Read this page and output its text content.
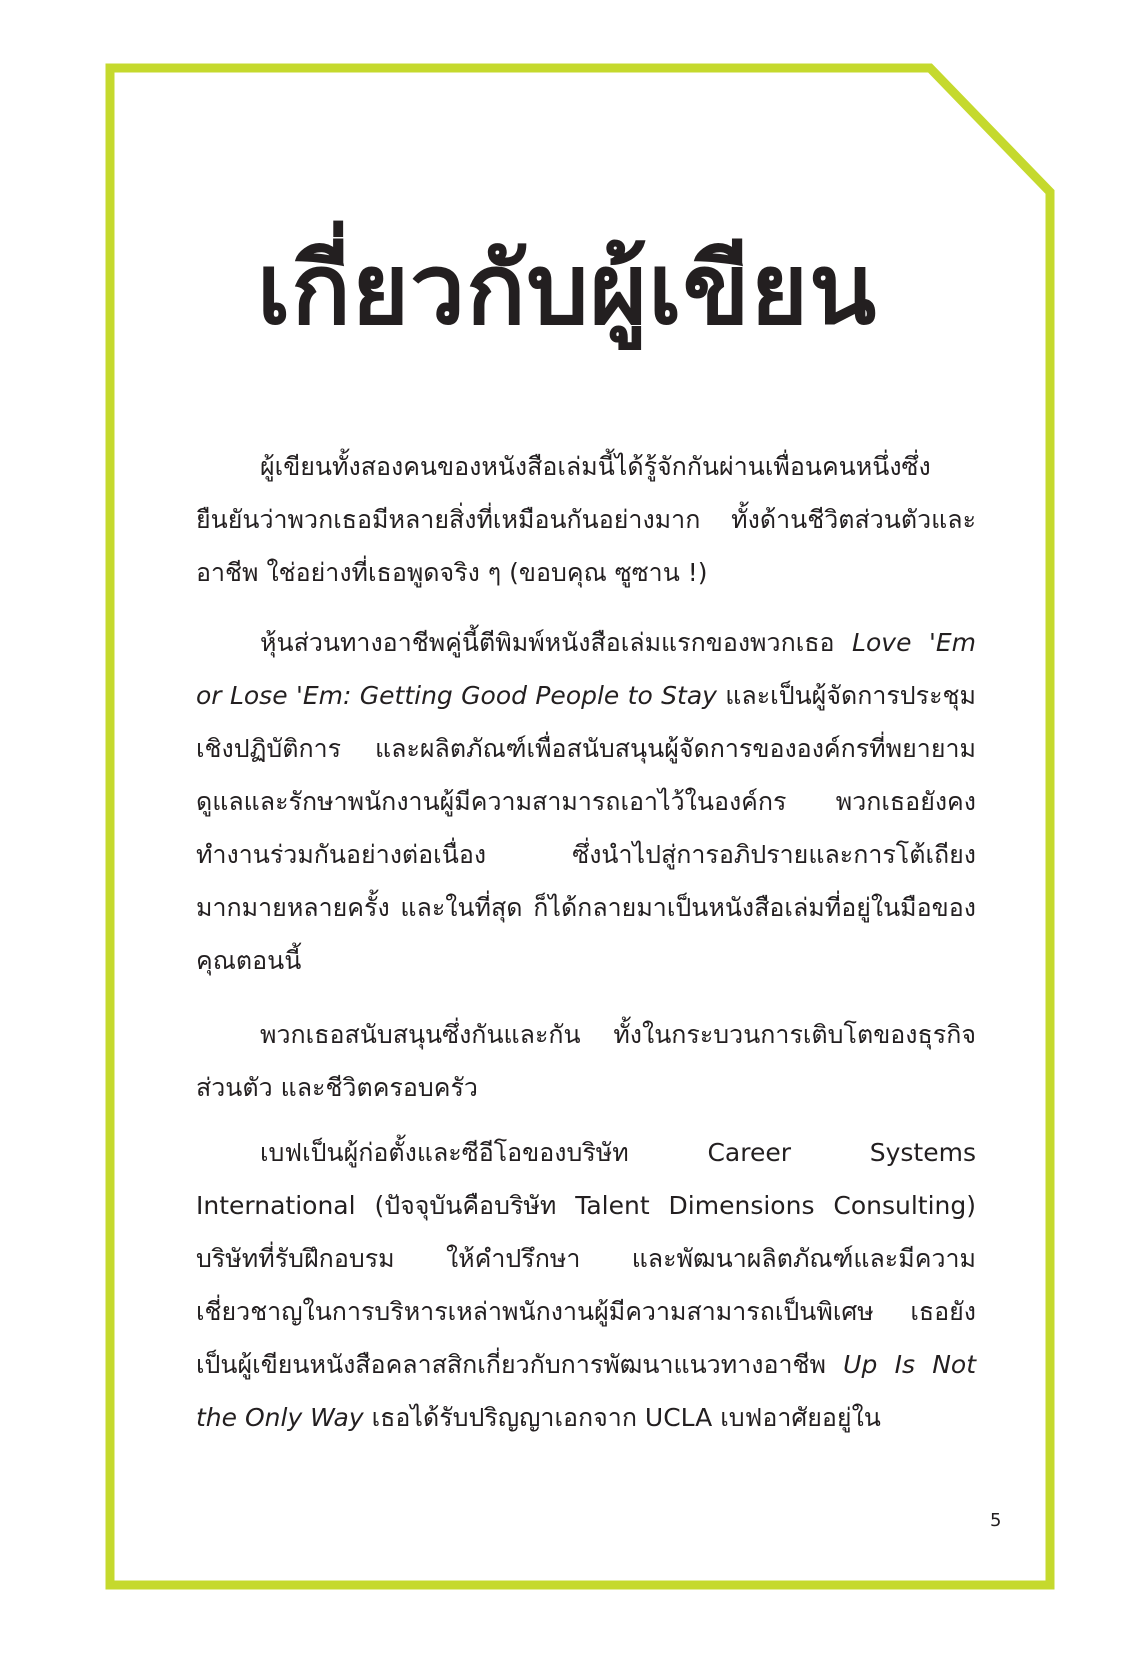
เกี่ยวกับผู้เขียน

ผู้เขียนทั้งสองคนของหนังสือเล่มนี้ได้รู้จักกันผ่านเพื่อนคนหนึ่งซึ่งยืนยันว่าพวกเธอมีหลายสิ่งที่เหมือนกันอย่างมาก ทั้งด้านชีวิตส่วนตัวและอาชีพ ใช่อย่างที่เธอพูดจริง ๆ (ขอบคุณ ซูซาน !)

หุ้นส่วนทางอาชีพคู่นี้ตีพิมพ์หนังสือเล่มแรกของพวกเธอ Love 'Em or Lose 'Em: Getting Good People to Stay และเป็นผู้จัดการประชุมเชิงปฏิบัติการ และผลิตภัณฑ์เพื่อสนับสนุนผู้จัดการขององค์กรที่พยายามดูแลและรักษาพนักงานผู้มีความสามารถเอาไว้ในองค์กร พวกเธอยังคงทำงานร่วมกันอย่างต่อเนื่อง ซึ่งนำไปสู่การอภิปรายและการโต้เถียงมากมายหลายครั้ง และในที่สุด ก็ได้กลายมาเป็นหนังสือเล่มที่อยู่ในมือของคุณตอนนี้

พวกเธอสนับสนุนซึ่งกันและกัน ทั้งในกระบวนการเติบโตของธุรกิจส่วนตัว และชีวิตครอบครัว

เบฟเป็นผู้ก่อตั้งและซีอีโอของบริษัท Career Systems International (ปัจจุบันคือบริษัท Talent Dimensions Consulting) บริษัทที่รับฝึกอบรม ให้คำปรึกษา และพัฒนาผลิตภัณฑ์และมีความเชี่ยวชาญในการบริหารเหล่าพนักงานผู้มีความสามารถเป็นพิเศษ เธอยังเป็นผู้เขียนหนังสือคลาสสิกเกี่ยวกับการพัฒนาแนวทางอาชีพ Up Is Not the Only Way เธอได้รับปริญญาเอกจาก UCLA เบฟอาศัยอยู่ใน

5
